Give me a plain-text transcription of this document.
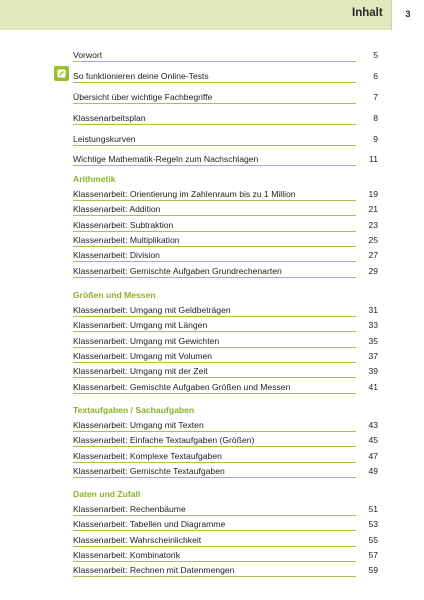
Inhalt	3
Vorwort	5
So funktionieren deine Online-Tests	6
Übersicht über wichtige Fachbegriffe	7
Klassenarbeitsplan	8
Leistungskurven	9
Wichtige Mathematik-Regeln zum Nachschlagen	11
Klassenarbeit: Orientierung im Zahlenraum bis zu 1 Million	19
Klassenarbeit: Addition	21
Klassenarbeit: Subtraktion	23
Klassenarbeit: Multiplikation	25
Klassenarbeit: Division	27
Klassenarbeit: Gemischte Aufgaben Grundrechenarten	29
Klassenarbeit: Umgang mit Geldbeträgen	31
Klassenarbeit: Umgang mit Längen	33
Klassenarbeit: Umgang mit Gewichten	35
Klassenarbeit: Umgang mit Volumen	37
Klassenarbeit: Umgang mit der Zeit	39
Klassenarbeit: Gemischte Aufgaben Größen und Messen	41
Klassenarbeit: Umgang mit Texten	43
Klassenarbeit: Einfache Textaufgaben (Größen)	45
Klassenarbeit: Komplexe Textaufgaben	47
Klassenarbeit: Gemischte Textaufgaben	49
Klassenarbeit: Rechenbäume	51
Klassenarbeit: Tabellen und Diagramme	53
Klassenarbeit: Wahrscheinlichkeit	55
Klassenarbeit: Kombinatorik	57
Klassenarbeit: Rechnen mit Datenmengen	59
Arithmetik
Größen und Messen
Textaufgaben / Sachaufgaben
Daten und Zufall
